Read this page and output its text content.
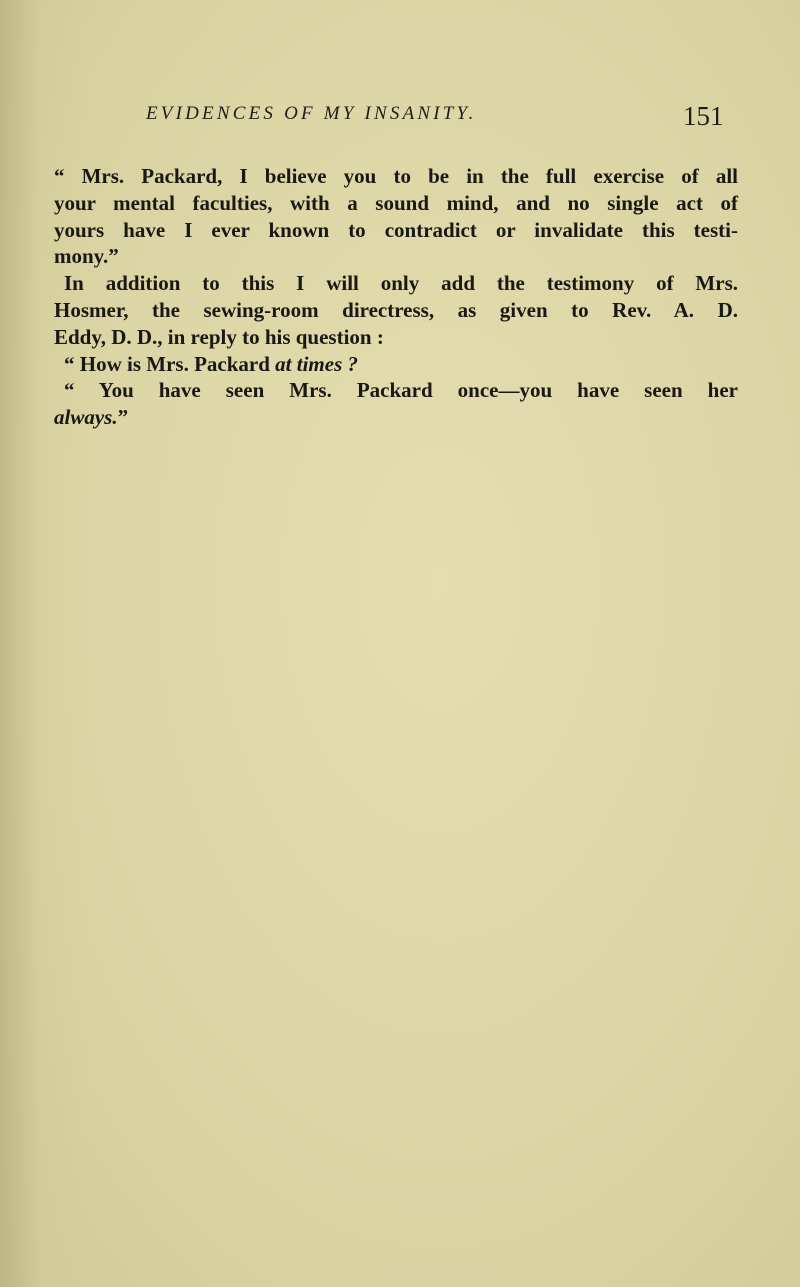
EVIDENCES OF MY INSANITY.	151
“ Mrs. Packard, I believe you to be in the full exercise of all
your mental faculties, with a sound mind, and no single act of
yours have I ever known to contradict or invalidate this testi-
mony.”
In addition to this I will only add the testimony of Mrs.
Hosmer, the sewing-room directress, as given to Rev. A. D.
Eddy, D. D., in reply to his question :
“ How is Mrs. Packard at times ?
“ You have seen Mrs. Packard once—you have seen her
always.”
